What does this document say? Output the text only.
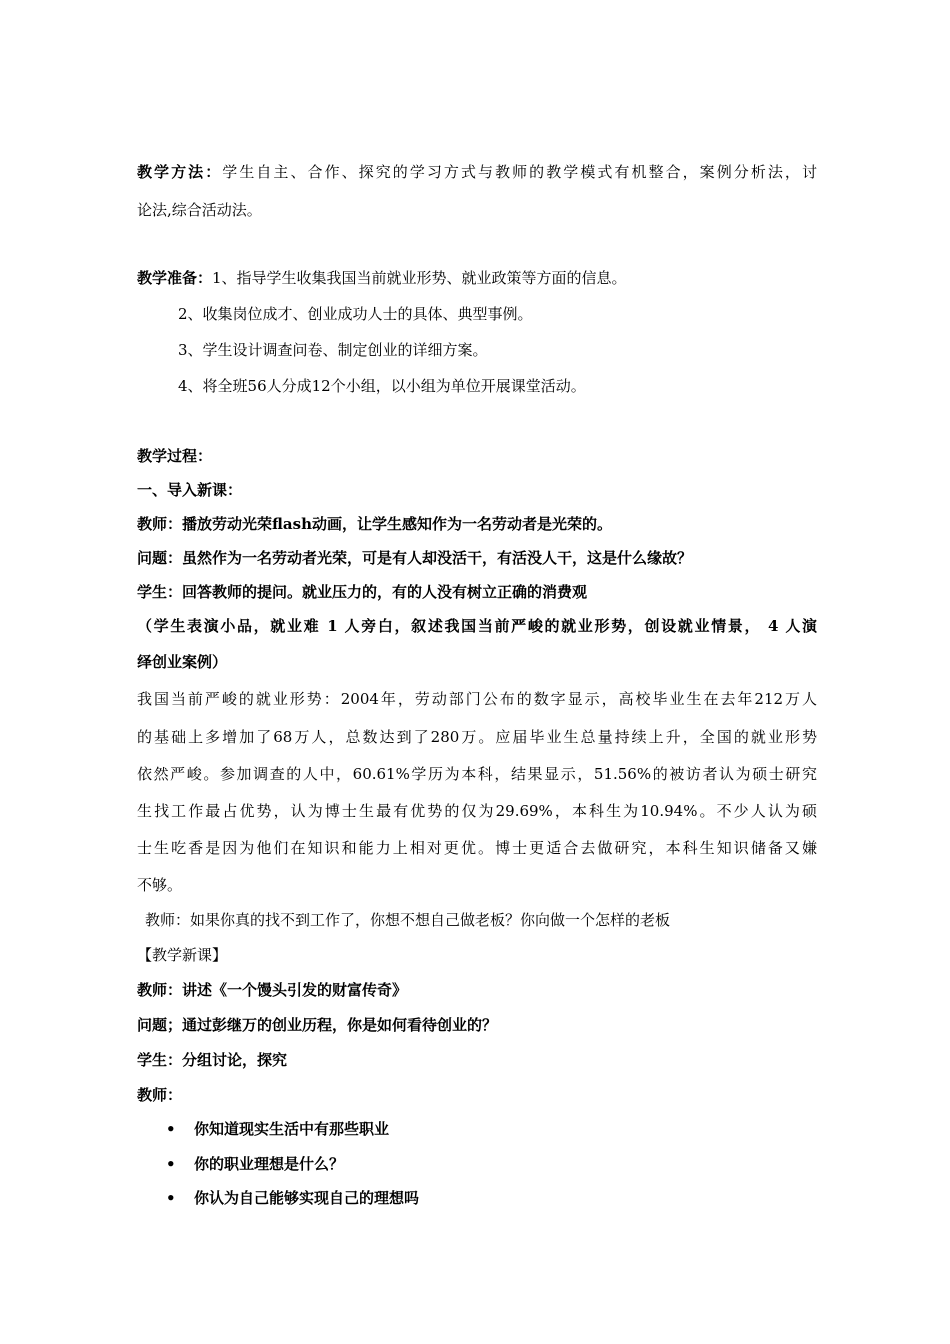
教学方法：学生自主、合作、探究的学习方式与教师的教学模式有机整合，案例分析法，讨
论法,综合活动法。
教学准备：1、指导学生收集我国当前就业形势、就业政策等方面的信息。
2、收集岗位成才、创业成功人士的具体、典型事例。
3、学生设计调查问卷、制定创业的详细方案。
4、将全班56人分成12个小组，以小组为单位开展课堂活动。
教学过程：
一、导入新课：
教师：播放劳动光荣flash动画，让学生感知作为一名劳动者是光荣的。
问题：虽然作为一名劳动者光荣，可是有人却没活干，有活没人干，这是什么缘故？
学生：回答教师的提问。就业压力的，有的人没有树立正确的消费观
（学生表演小品，就业难 1 人旁白，叙述我国当前严峻的就业形势，创设就业情景， 4 人演
绎创业案例）
我国当前严峻的就业形势：2004年，劳动部门公布的数字显示，高校毕业生在去年212万人
的基础上多增加了68万人，总数达到了280万。应届毕业生总量持续上升，全国的就业形势
依然严峻。参加调查的人中，60.61%学历为本科，结果显示，51.56%的被访者认为硕士研究
生找工作最占优势，认为博士生最有优势的仅为29.69%，本科生为10.94%。不少人认为硕
士生吃香是因为他们在知识和能力上相对更优。博士更适合去做研究，本科生知识储备又嫌
不够。
教师：如果你真的找不到工作了，你想不想自己做老板？你向做一个怎样的老板
【教学新课】
教师：讲述《一个馒头引发的财富传奇》
问题；通过彭继万的创业历程，你是如何看待创业的？
学生：分组讨论，探究
教师：
• 你知道现实生活中有那些职业
• 你的职业理想是什么？
• 你认为自己能够实现自己的理想吗
